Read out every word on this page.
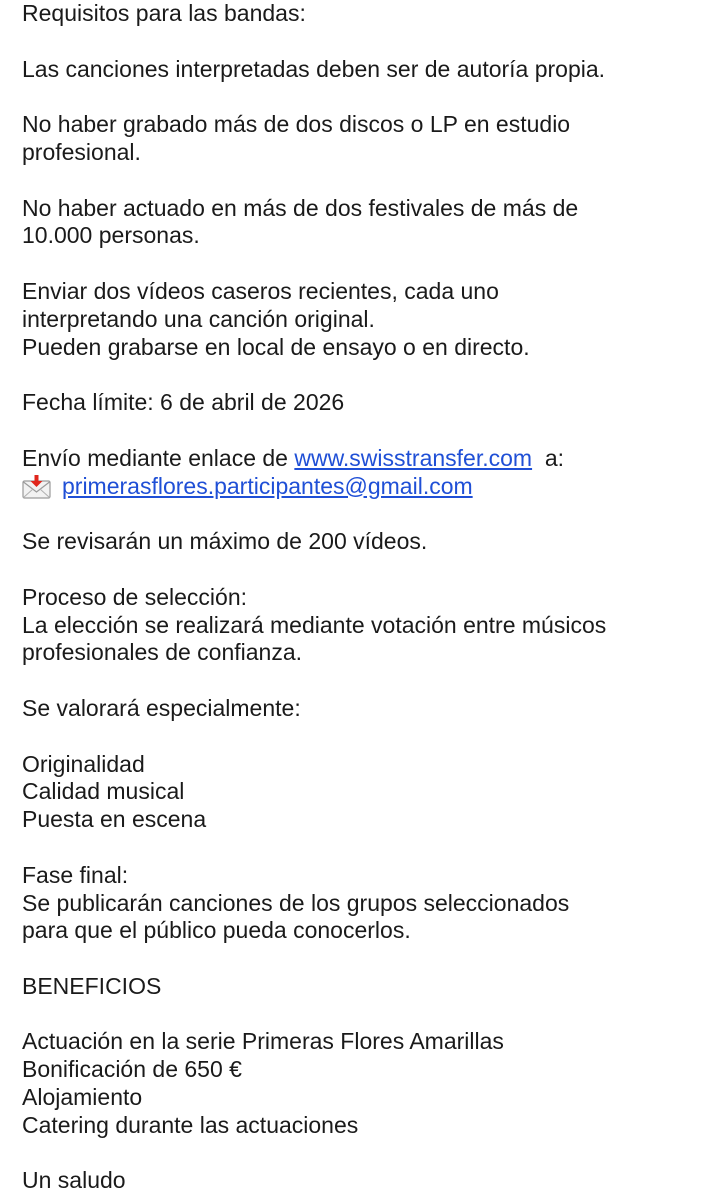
Requisitos para las bandas:
Las canciones interpretadas deben ser de autoría propia.
No haber grabado más de dos discos o LP en estudio
profesional.
No haber actuado en más de dos festivales de más de
10.000 personas.
Enviar dos vídeos caseros recientes, cada uno
interpretando una canción original.
Pueden grabarse en local de ensayo o en directo.
Fecha límite: 6 de abril de 2026
Envío mediante enlace de www.swisstransfer.com  a:
primerasflores.participantes@gmail.com
Se revisarán un máximo de 200 vídeos.
Proceso de selección:
La elección se realizará mediante votación entre músicos
profesionales de confianza.
Se valorará especialmente:
Originalidad
Calidad musical
Puesta en escena
Fase final:
Se publicarán canciones de los grupos seleccionados
para que el público pueda conocerlos.
BENEFICIOS
Actuación en la serie Primeras Flores Amarillas
Bonificación de 650 €
Alojamiento
Catering durante las actuaciones
Un saludo
